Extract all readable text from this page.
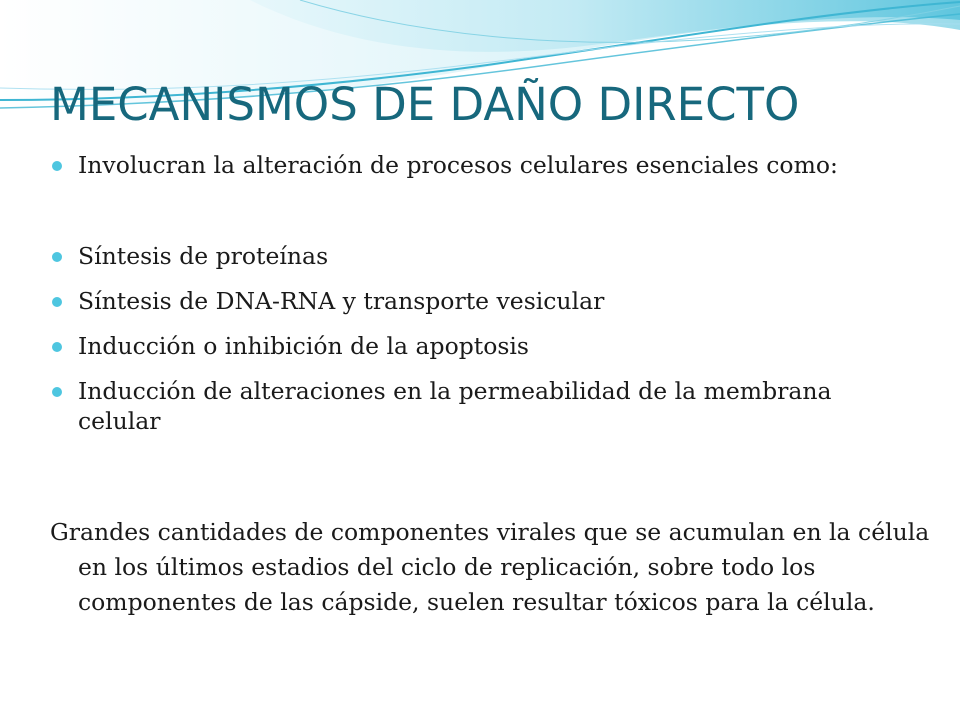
MECANISMOS DE DAÑO DIRECTO
Involucran la alteración de procesos celulares esenciales como:
Síntesis de proteínas
Síntesis de DNA-RNA y transporte vesicular
Inducción o inhibición de la apoptosis
Inducción de alteraciones en la permeabilidad de la membrana celular

Grandes cantidades de componentes virales que se acumulan en la célula en los últimos estadios del ciclo de replicación, sobre todo los componentes de las cápside, suelen resultar tóxicos para la célula.
